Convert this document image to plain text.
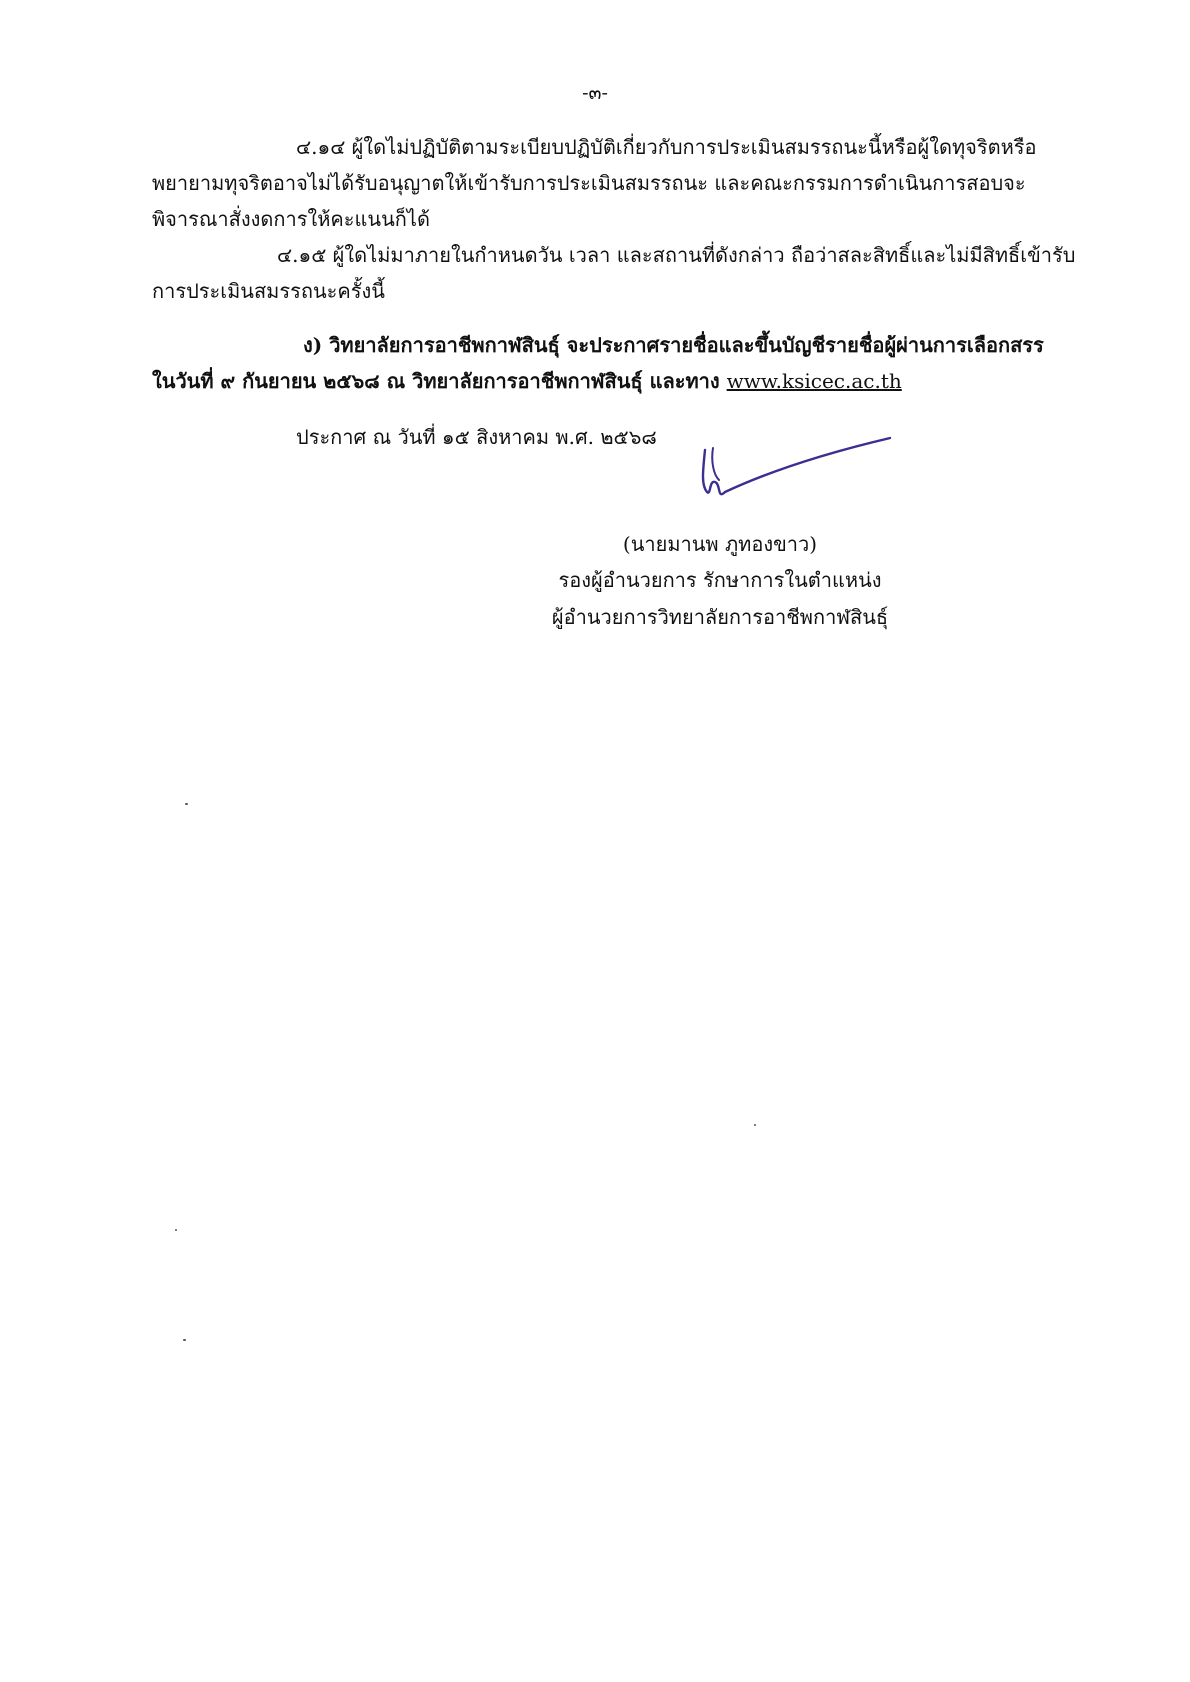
-๓-
๔.๑๔ ผู้ใดไม่ปฏิบัติตามระเบียบปฏิบัติเกี่ยวกับการประเมินสมรรถนะนี้หรือผู้ใดทุจริตหรือ
พยายามทุจริตอาจไม่ได้รับอนุญาตให้เข้ารับการประเมินสมรรถนะ และคณะกรรมการดำเนินการสอบจะ
พิจารณาสั่งงดการให้คะแนนก็ได้
๔.๑๕ ผู้ใดไม่มาภายในกำหนดวัน เวลา และสถานที่ดังกล่าว ถือว่าสละสิทธิ์และไม่มีสิทธิ์เข้ารับ
การประเมินสมรรถนะครั้งนี้
ง) วิทยาลัยการอาชีพกาฬสินธุ์ จะประกาศรายชื่อและขึ้นบัญชีรายชื่อผู้ผ่านการเลือกสรร
ในวันที่ ๙ กันยายน ๒๕๖๘ ณ วิทยาลัยการอาชีพกาฬสินธุ์ และทาง www.ksicec.ac.th
ประกาศ ณ วันที่ ๑๕ สิงหาคม พ.ศ. ๒๕๖๘
(นายมานพ ภูทองขาว)
รองผู้อำนวยการ รักษาการในตำแหน่ง
ผู้อำนวยการวิทยาลัยการอาชีพกาฬสินธุ์
